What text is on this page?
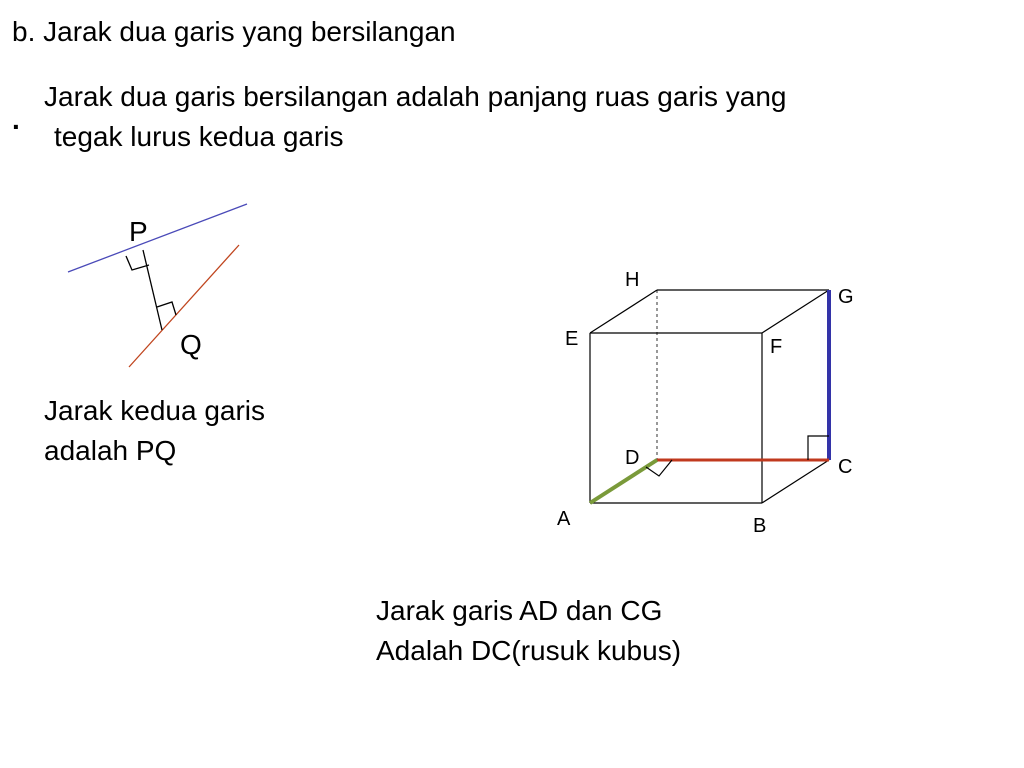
b. Jarak dua garis yang bersilangan
.
Jarak dua garis bersilangan adalah panjang ruas garis yang
tegak lurus kedua garis
P
Q
H
G
E	F
D	C
A	B
Jarak kedua garis
adalah PQ
Jarak garis AD dan CG
Adalah DC(rusuk kubus)
